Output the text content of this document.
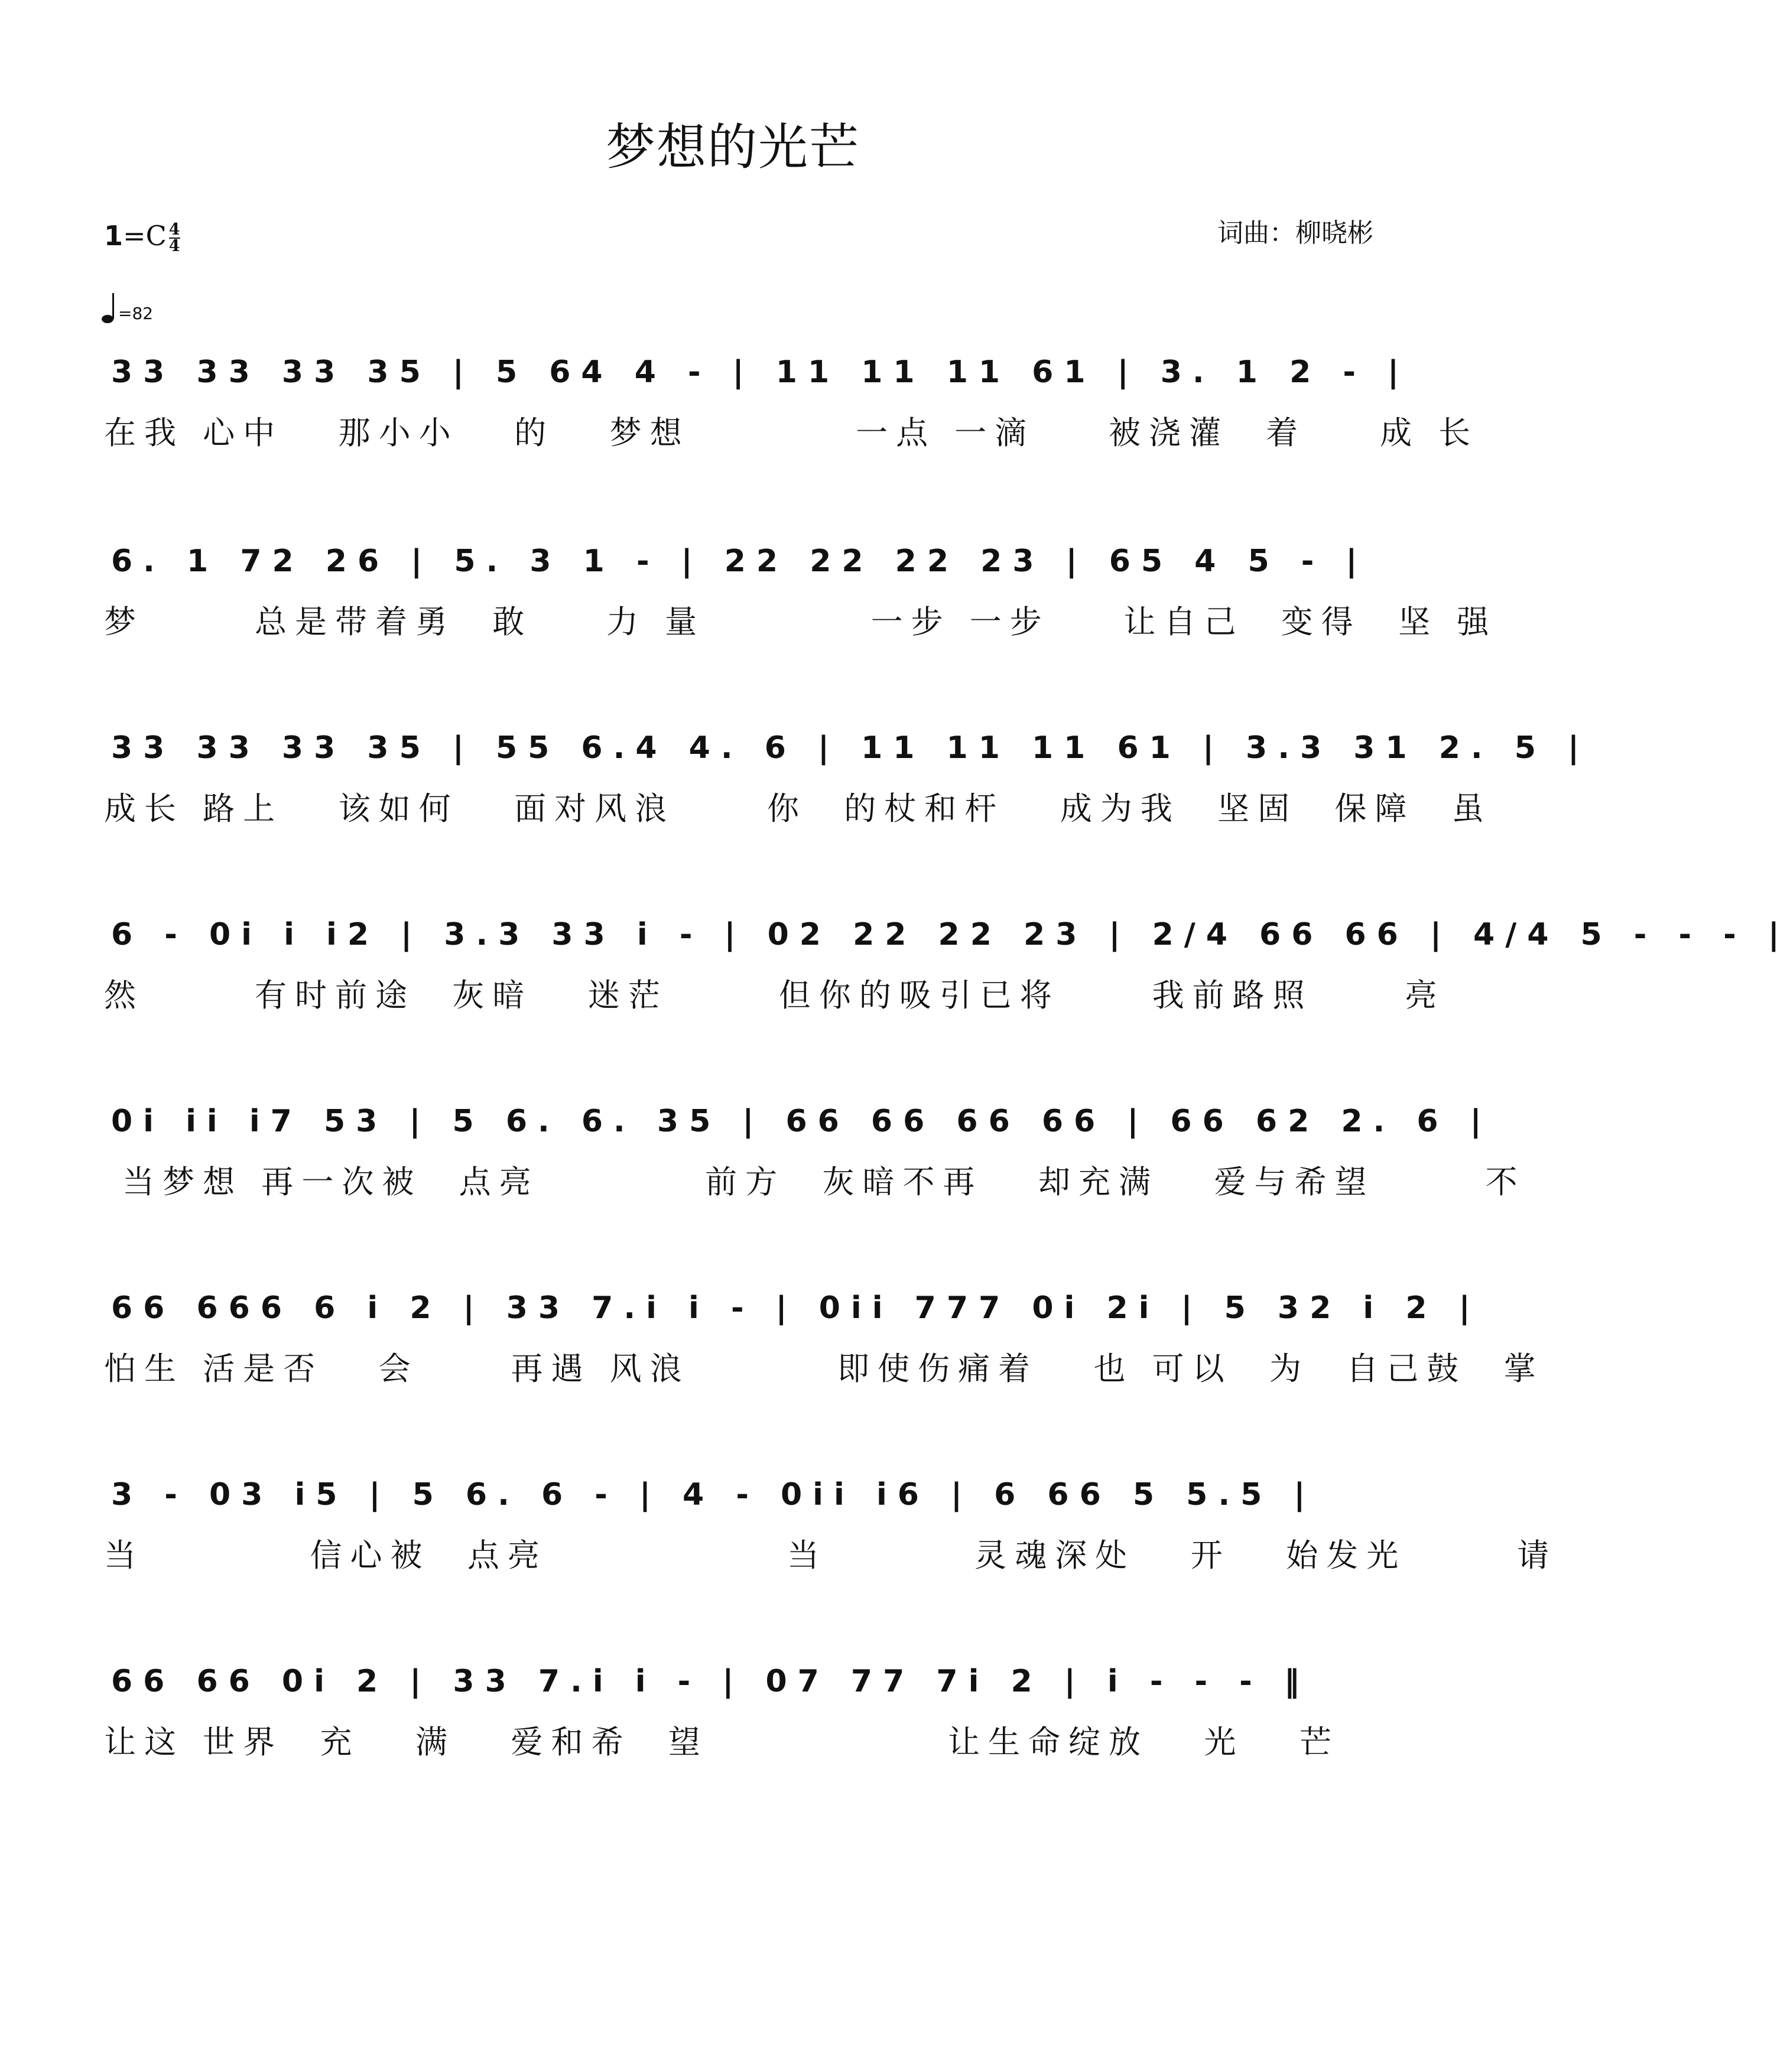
梦想的光芒
$1=C \frac{4}{4}$	词曲：柳晓彬
=82
33 33 33 35 | 5 64 4 - | 11 11 11 61 | 3. 1 2 - |
在我 心中   那小小   的   梦想         一点 一滴    被浇灌  着    成 长
6. 1 72 26 | 5. 3 1 - | 22 22 22 23 | 65 4 5 - |
梦      总是带着勇  敢    力 量         一步 一步    让自己  变得  坚 强
33 33 33 35 | 55 6.4 4. 6 | 11 11 11 61 | 3.3 31 2. 5 |
成长 路上   该如何   面对风浪     你  的杖和杆   成为我  坚固  保障  虽
6 - 0i i i2 | 3.3 33 i - | 02 22 22 23 | 2/4 66 66 | 4/4 5 - - - |
然      有时前途  灰暗   迷茫      但你的吸引已将     我前路照     亮
0i ii i7 53 | 5 6. 6. 35 | 66 66 66 66 | 66 62 2. 6 |
当梦想 再一次被  点亮         前方  灰暗不再   却充满   爱与希望      不
66 666 6 i 2 | 33 7.i i - | 0ii 777 0i 2i | 5 32 i 2 |
怕生 活是否   会     再遇 风浪        即使伤痛着   也 可以  为  自己鼓  掌
3 - 03 i5 | 5 6. 6 - | 4 - 0ii i6 | 6 66 5 5.5 |
当         信心被  点亮             当        灵魂深处   开   始发光      请
66 66 0i 2 | 33 7.i i - | 07 77 7i 2 | i - - - ‖
让这 世界  充   满   爱和希  望             让生命绽放   光   芒
